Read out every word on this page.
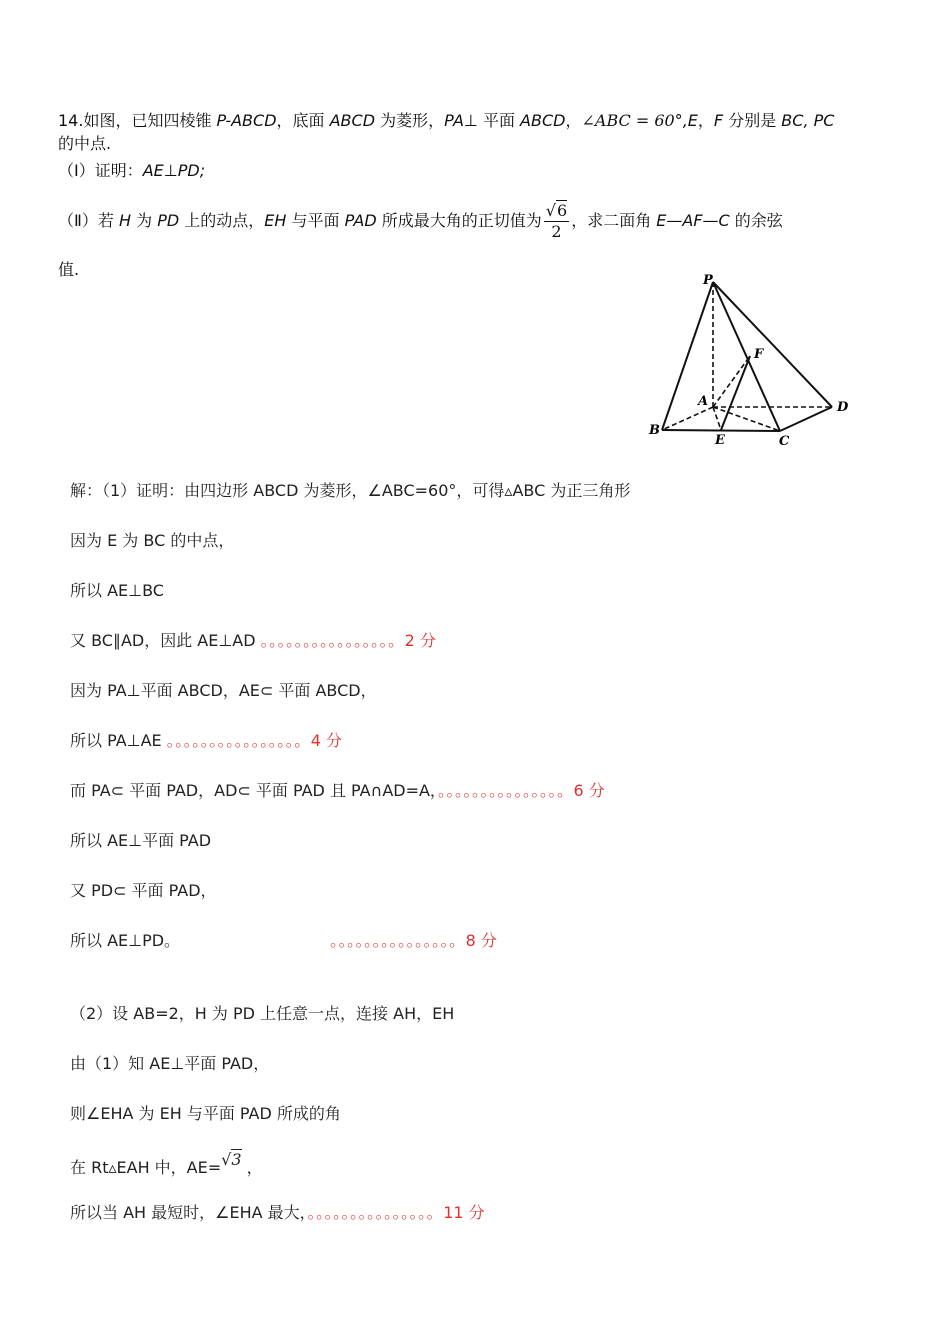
14.如图，已知四棱锥 P-ABCD，底面 ABCD 为菱形，PA⊥ 平面 ABCD，∠ABC = 60°,E，F 分别是 BC, PC
的中点.
（Ⅰ）证明：AE⊥PD;
（Ⅱ）若 H 为 PD 上的动点，EH 与平面 PAD 所成最大角的正切值为 $\frac{√6}{2}$ ，求二面角 E—AF—C 的余弦
值.
P
F
A	D
B
E	C
解：（1）证明：由四边形 ABCD 为菱形，∠ABC=60°，可得▵ABC 为正三角形
因为 E 为 BC 的中点，
所以 AE⊥BC
又 BC∥AD，因此 AE⊥AD 。。。。。。。。。。。。。。。。2 分
因为 PA⊥平面 ABCD，AE⊂ 平面 ABCD，
所以 PA⊥AE 。。。。。。。。。。。。。。。。4 分
而 PA⊂ 平面 PAD，AD⊂ 平面 PAD 且 PA∩AD=A，。。。。。。。。。。。。。。。6 分
所以 AE⊥平面 PAD
又 PD⊂ 平面 PAD，
所以 AE⊥PD。	。。。。。。。。。。。。。。。8 分
（2）设 AB=2，H 为 PD 上任意一点，连接 AH，EH
由（1）知 AE⊥平面 PAD，
则∠EHA 为 EH 与平面 PAD 所成的角
在 Rt▵EAH 中，AE=√3 ，
所以当 AH 最短时，∠EHA 最大，。。。。。。。。。。。。。。。11 分
